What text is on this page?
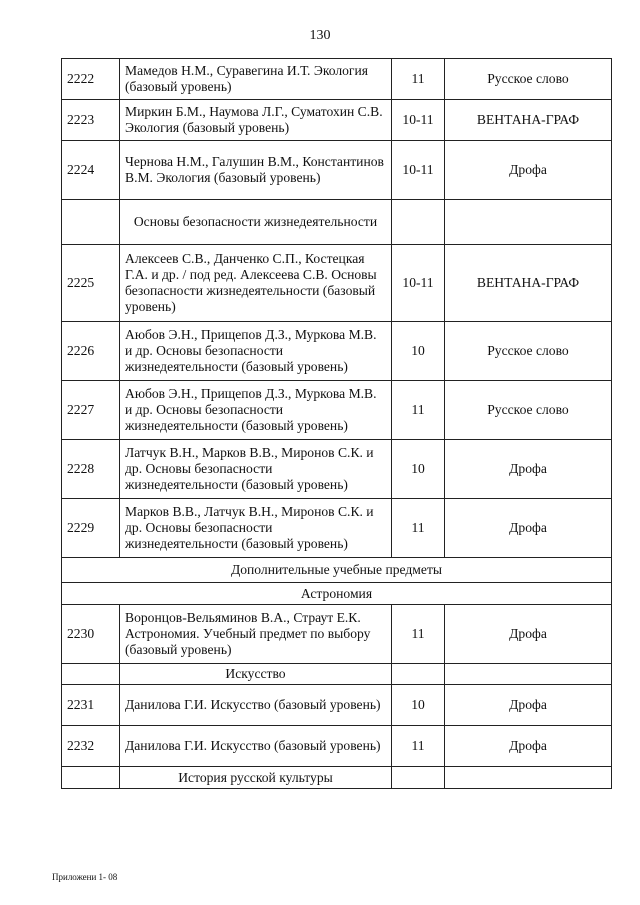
130
2222	Мамедов Н.М., Суравегина И.Т. Экология (базовый уровень)	11	Русское слово
2223	Миркин Б.М., Наумова Л.Г., Суматохин С.В. Экология (базовый уровень)	10-11	ВЕНТАНА-ГРАФ
2224	Чернова Н.М., Галушин В.М., Константинов В.М. Экология (базовый уровень)	10-11	Дрофа
	Основы безопасности жизнедеятельности		
2225	Алексеев С.В., Данченко С.П., Костецкая Г.А. и др. / под ред. Алексеева С.В. Основы безопасности жизнедеятельности (базовый уровень)	10-11	ВЕНТАНА-ГРАФ
2226	Аюбов Э.Н., Прищепов Д.З., Муркова М.В. и др. Основы безопасности жизнедеятельности (базовый уровень)	10	Русское слово
2227	Аюбов Э.Н., Прищепов Д.З., Муркова М.В. и др. Основы безопасности жизнедеятельности (базовый уровень)	11	Русское слово
2228	Латчук В.Н., Марков В.В., Миронов С.К. и др. Основы безопасности жизнедеятельности (базовый уровень)	10	Дрофа
2229	Марков В.В., Латчук В.Н., Миронов С.К. и др. Основы безопасности жизнедеятельности (базовый уровень)	11	Дрофа
Дополнительные учебные предметы			
Астрономия			
2230	Воронцов-Вельяминов В.А., Страут Е.К. Астрономия. Учебный предмет по выбору (базовый уровень)	11	Дрофа
	Искусство		
2231	Данилова Г.И. Искусство (базовый уровень)	10	Дрофа
2232	Данилова Г.И. Искусство (базовый уровень)	11	Дрофа
	История русской культуры		
Приложени 1- 08
